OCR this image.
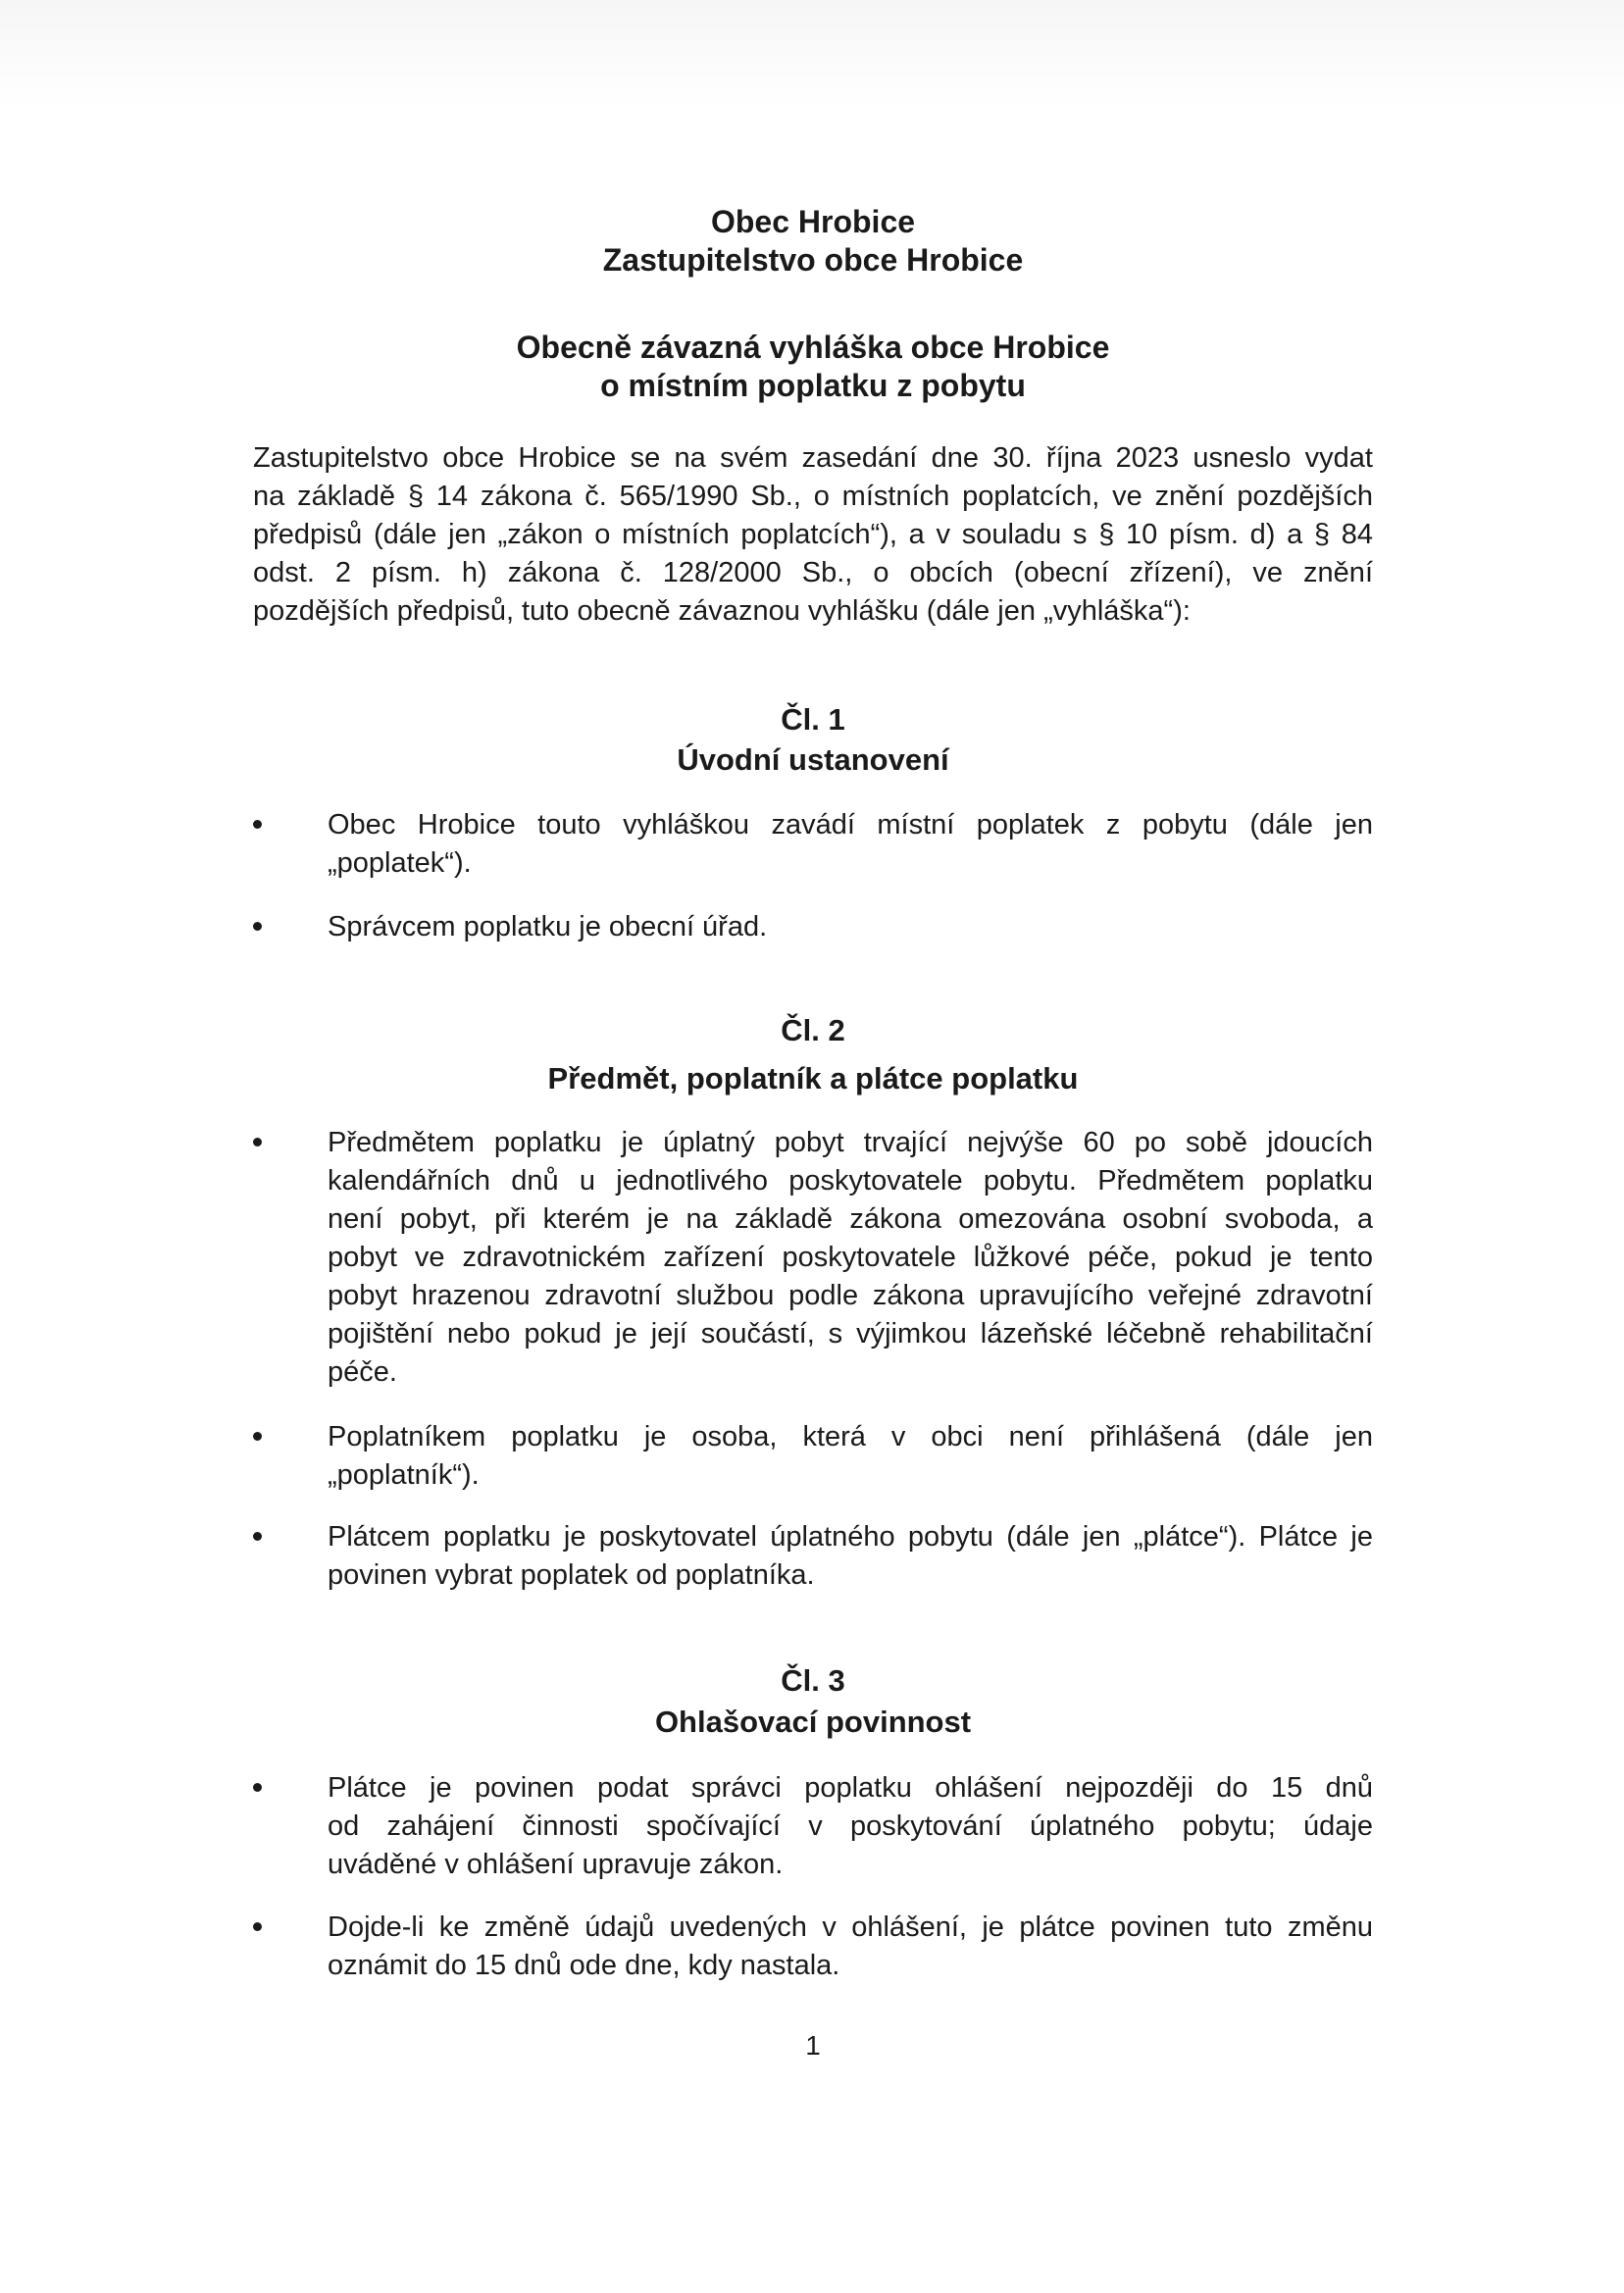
Obec Hrobice
Zastupitelstvo obce Hrobice
Obecně závazná vyhláška obce Hrobice
o místním poplatku z pobytu
Zastupitelstvo obce Hrobice se na svém zasedání dne 30. října 2023 usneslo vydat
na základě § 14 zákona č. 565/1990 Sb., o místních poplatcích, ve znění pozdějších
předpisů (dále jen „zákon o místních poplatcích“), a v souladu s § 10 písm. d) a § 84
odst. 2 písm. h) zákona č. 128/2000 Sb., o obcích (obecní zřízení), ve znění
pozdějších předpisů, tuto obecně závaznou vyhlášku (dále jen „vyhláška“):
Čl. 1
Úvodní ustanovení
Obec Hrobice touto vyhláškou zavádí místní poplatek z pobytu (dále jen
„poplatek“).
Správcem poplatku je obecní úřad.
Čl. 2
Předmět, poplatník a plátce poplatku
Předmětem poplatku je úplatný pobyt trvající nejvýše 60 po sobě jdoucích
kalendářních dnů u jednotlivého poskytovatele pobytu. Předmětem poplatku
není pobyt, při kterém je na základě zákona omezována osobní svoboda, a
pobyt ve zdravotnickém zařízení poskytovatele lůžkové péče, pokud je tento
pobyt hrazenou zdravotní službou podle zákona upravujícího veřejné zdravotní
pojištění nebo pokud je její součástí, s výjimkou lázeňské léčebně rehabilitační
péče.
Poplatníkem poplatku je osoba, která v obci není přihlášená (dále jen
„poplatník“).
Plátcem poplatku je poskytovatel úplatného pobytu (dále jen „plátce“). Plátce je
povinen vybrat poplatek od poplatníka.
Čl. 3
Ohlašovací povinnost
Plátce je povinen podat správci poplatku ohlášení nejpozději do 15 dnů
od zahájení činnosti spočívající v poskytování úplatného pobytu; údaje
uváděné v ohlášení upravuje zákon.
Dojde-li ke změně údajů uvedených v ohlášení, je plátce povinen tuto změnu
oznámit do 15 dnů ode dne, kdy nastala.
1
